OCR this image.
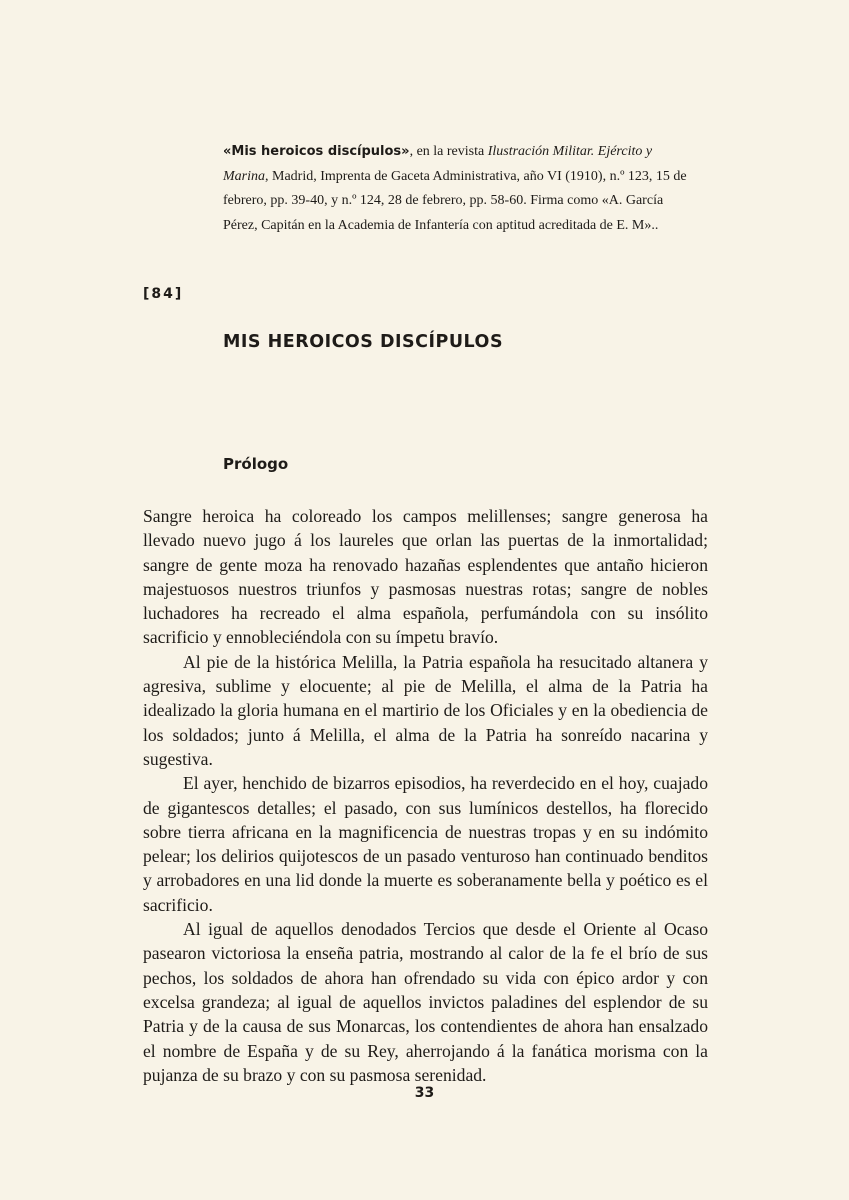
«Mis heroicos discípulos», en la revista Ilustración Militar. Ejército y Marina, Madrid, Imprenta de Gaceta Administrativa, año VI (1910), n.º 123, 15 de febrero, pp. 39-40, y n.º 124, 28 de febrero, pp. 58-60. Firma como «A. García Pérez, Capitán en la Academia de Infantería con aptitud acreditada de E. M»..
[84]
MIS HEROICOS DISCÍPULOS
Prólogo

Sangre heroica ha coloreado los campos melillenses; sangre generosa ha llevado nuevo jugo á los laureles que orlan las puertas de la inmortalidad; sangre de gente moza ha renovado hazañas esplendentes que antaño hicieron majestuosos nuestros triunfos y pasmosas nuestras rotas; sangre de nobles luchadores ha recreado el alma española, perfumándola con su insólito sacrificio y ennobleciéndola con su ímpetu bravío.

Al pie de la histórica Melilla, la Patria española ha resucitado altanera y agresiva, sublime y elocuente; al pie de Melilla, el alma de la Patria ha idealizado la gloria humana en el martirio de los Oficiales y en la obediencia de los soldados; junto á Melilla, el alma de la Patria ha sonreído nacarina y sugestiva.

El ayer, henchido de bizarros episodios, ha reverdecido en el hoy, cuajado de gigantescos detalles; el pasado, con sus lumínicos destellos, ha florecido sobre tierra africana en la magnificencia de nuestras tropas y en su indómito pelear; los delirios quijotescos de un pasado venturoso han continuado benditos y arrobadores en una lid donde la muerte es soberanamente bella y poético es el sacrificio.

Al igual de aquellos denodados Tercios que desde el Oriente al Ocaso pasearon victoriosa la enseña patria, mostrando al calor de la fe el brío de sus pechos, los soldados de ahora han ofrendado su vida con épico ardor y con excelsa grandeza; al igual de aquellos invictos paladines del esplendor de su Patria y de la causa de sus Monarcas, los contendientes de ahora han ensalzado el nombre de España y de su Rey, aherrojando á la fanática morisma con la pujanza de su brazo y con su pasmosa serenidad.

33
